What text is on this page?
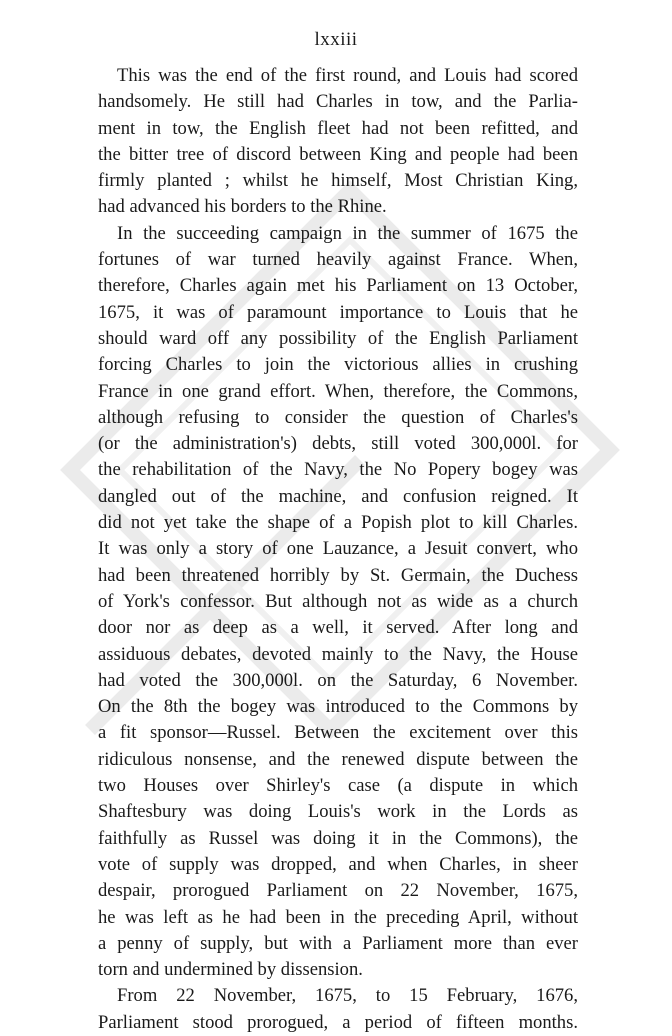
lxxiii
This was the end of the first round, and Louis had scored
handsomely. He still had Charles in tow, and the Parlia-
ment in tow, the English fleet had not been refitted, and
the bitter tree of discord between King and people had been
firmly planted ; whilst he himself, Most Christian King,
had advanced his borders to the Rhine.
In the succeeding campaign in the summer of 1675 the
fortunes of war turned heavily against France. When,
therefore, Charles again met his Parliament on 13 October,
1675, it was of paramount importance to Louis that he
should ward off any possibility of the English Parliament
forcing Charles to join the victorious allies in crushing
France in one grand effort. When, therefore, the Commons,
although refusing to consider the question of Charles's
(or the administration's) debts, still voted 300,000l. for
the rehabilitation of the Navy, the No Popery bogey was
dangled out of the machine, and confusion reigned. It
did not yet take the shape of a Popish plot to kill Charles.
It was only a story of one Lauzance, a Jesuit convert, who
had been threatened horribly by St. Germain, the Duchess
of York's confessor. But although not as wide as a church
door nor as deep as a well, it served. After long and
assiduous debates, devoted mainly to the Navy, the House
had voted the 300,000l. on the Saturday, 6 November.
On the 8th the bogey was introduced to the Commons by
a fit sponsor—Russel. Between the excitement over this
ridiculous nonsense, and the renewed dispute between the
two Houses over Shirley's case (a dispute in which
Shaftesbury was doing Louis's work in the Lords as
faithfully as Russel was doing it in the Commons), the
vote of supply was dropped, and when Charles, in sheer
despair, prorogued Parliament on 22 November, 1675,
he was left as he had been in the preceding April, without
a penny of supply, but with a Parliament more than ever
torn and undermined by dissension.
From 22 November, 1675, to 15 February, 1676,
Parliament stood prorogued, a period of fifteen months.
